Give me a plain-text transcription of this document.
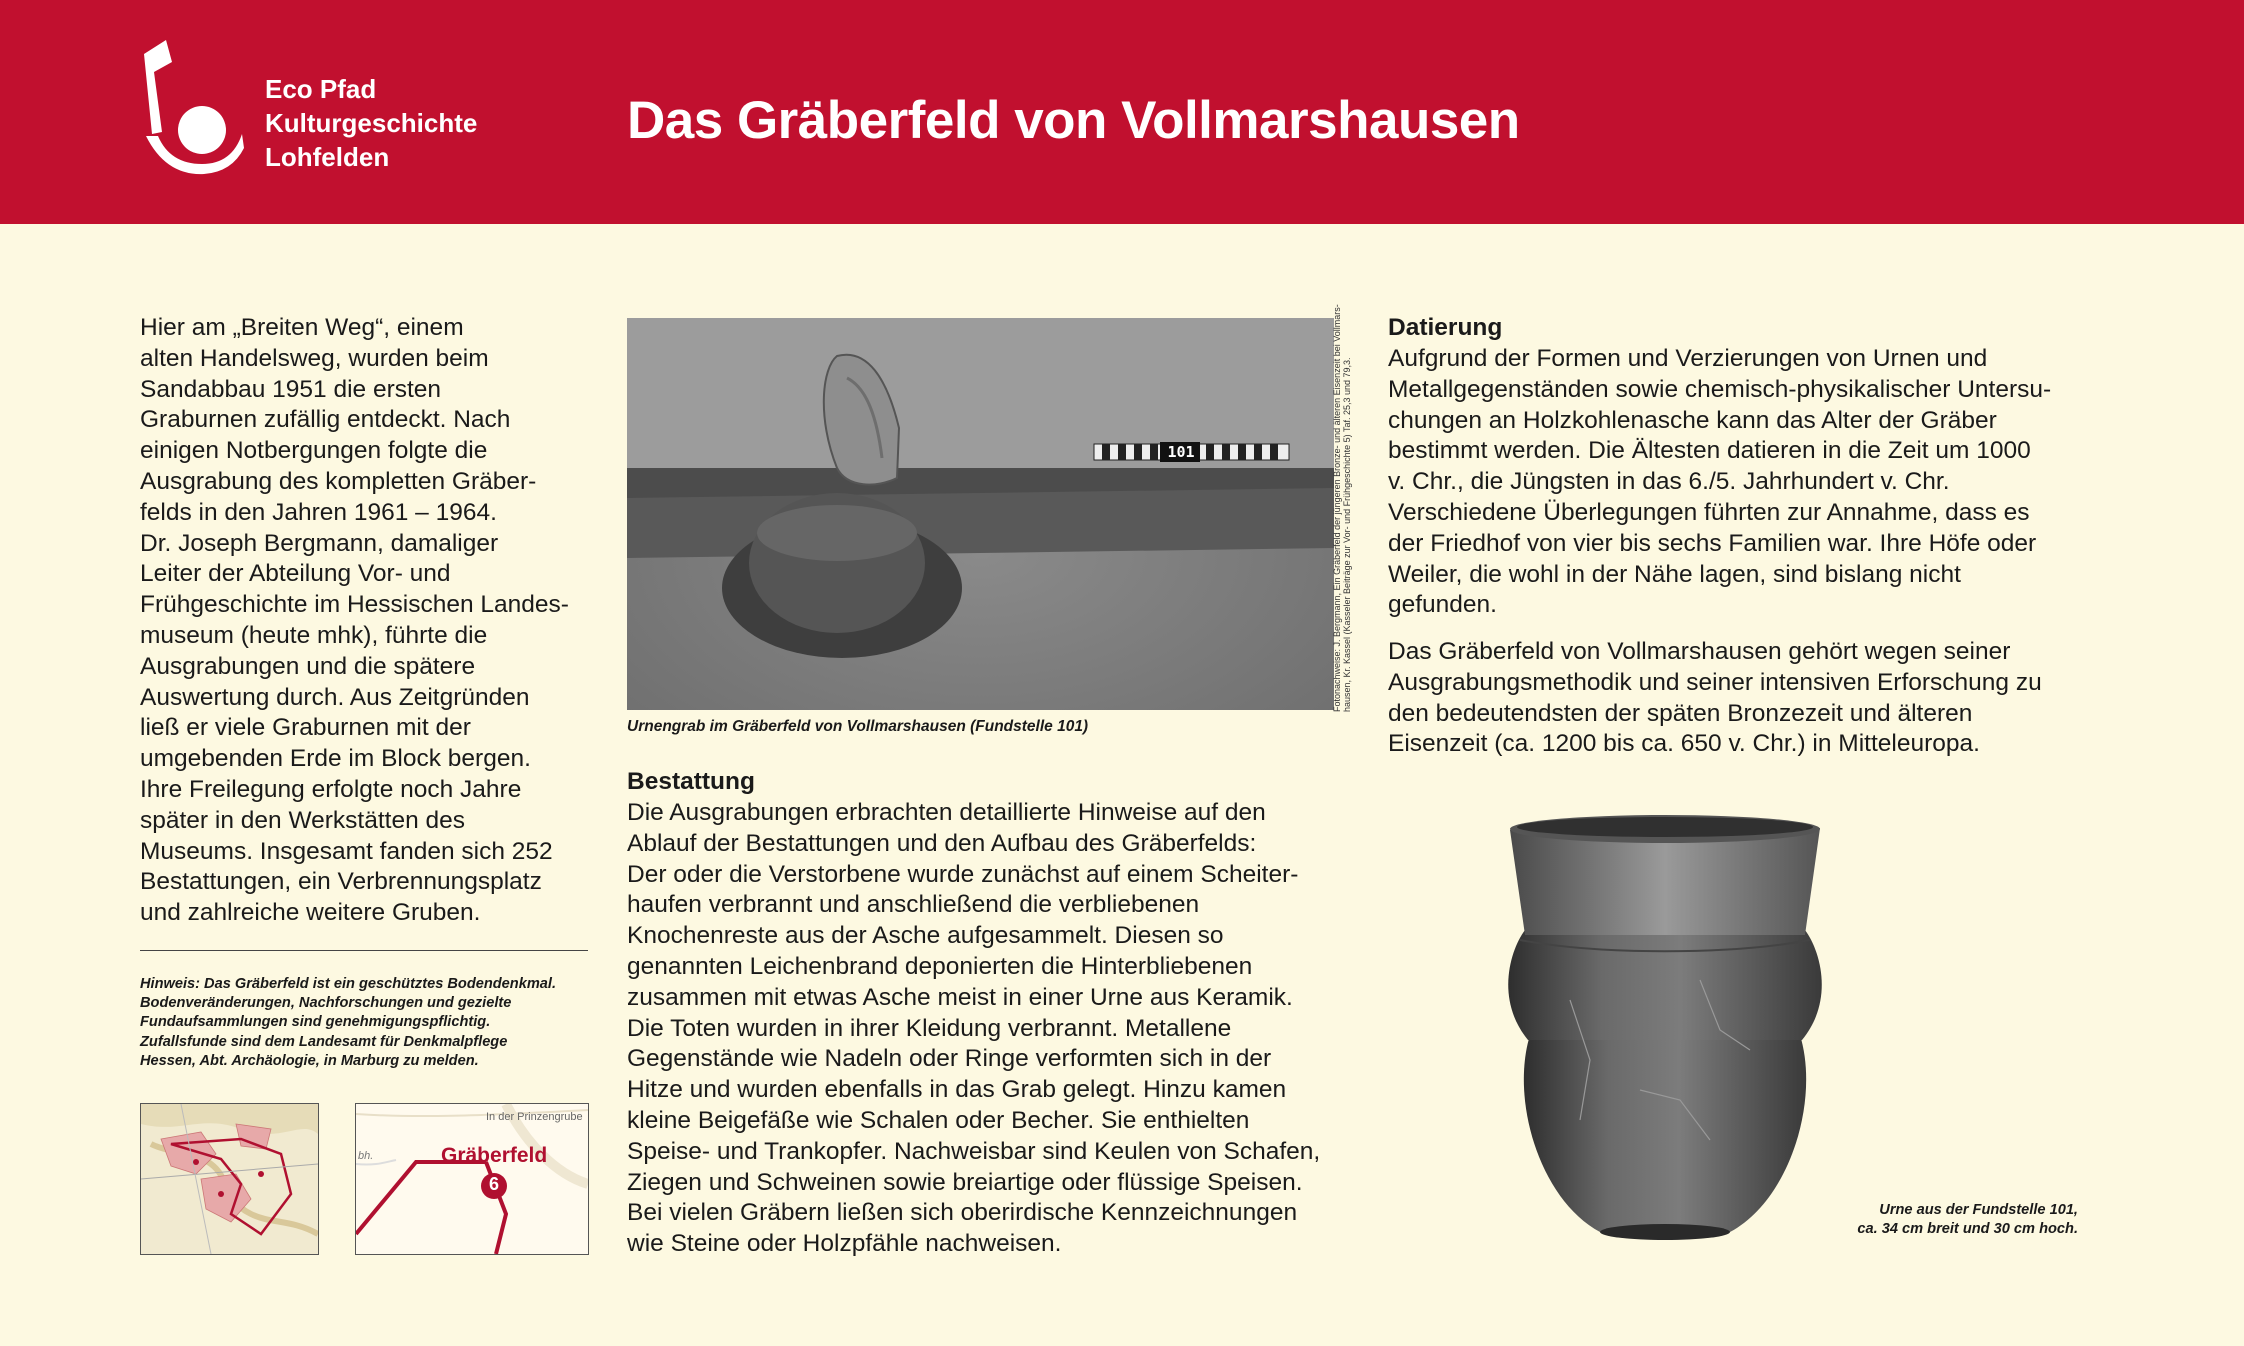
Eco Pfad
Kulturgeschichte
Lohfelden
Das Gräberfeld von Vollmarshausen
Hier am „Breiten Weg“, einem
alten Handelsweg, wurden beim
Sandabbau 1951 die ersten
Graburnen zufällig entdeckt. Nach
einigen Notbergungen folgte die
Ausgrabung des kompletten Gräber-
felds in den Jahren 1961 – 1964.
Dr. Joseph Bergmann, damaliger
Leiter der Abteilung Vor- und
Frühgeschichte im Hessischen Landes-
museum (heute mhk), führte die
Ausgrabungen und die spätere
Auswertung durch. Aus Zeitgründen
ließ er viele Graburnen mit der
umgebenden Erde im Block bergen.
Ihre Freilegung erfolgte noch Jahre
später in den Werkstätten des
Museums. Insgesamt fanden sich 252
Bestattungen, ein Verbrennungsplatz
und zahlreiche weitere Gruben.
Hinweis: Das Gräberfeld ist ein geschütztes Bodendenkmal.
Bodenveränderungen, Nachforschungen und gezielte
Fundaufsammlungen sind genehmigungspflichtig.
Zufallsfunde sind dem Landesamt für Denkmalpflege
Hessen, Abt. Archäologie, in Marburg zu melden.
In der Prinzengrube
bh.	Gräberfeld
6
101	Fotonachweise: J. Bergmann, Ein Gräberfeld der jüngeren Bronze- und älteren Eisenzeit bei Vollmars- hausen, Kr. Kassel (Kasseler Beiträge zur Vor- und Frühgeschichte 5) Taf. 25,3 und 79,3.
Urnengrab im Gräberfeld von Vollmarshausen (Fundstelle 101)
Bestattung
Die Ausgrabungen erbrachten detaillierte Hinweise auf den
Ablauf der Bestattungen und den Aufbau des Gräberfelds:
Der oder die Verstorbene wurde zunächst auf einem Scheiter-
haufen verbrannt und anschließend die verbliebenen
Knochenreste aus der Asche aufgesammelt. Diesen so
genannten Leichenbrand deponierten die Hinterbliebenen
zusammen mit etwas Asche meist in einer Urne aus Keramik.
Die Toten wurden in ihrer Kleidung verbrannt. Metallene
Gegenstände wie Nadeln oder Ringe verformten sich in der
Hitze und wurden ebenfalls in das Grab gelegt. Hinzu kamen
kleine Beigefäße wie Schalen oder Becher. Sie enthielten
Speise- und Trankopfer. Nachweisbar sind Keulen von Schafen,
Ziegen und Schweinen sowie breiartige oder flüssige Speisen.
Bei vielen Gräbern ließen sich oberirdische Kennzeichnungen
wie Steine oder Holzpfähle nachweisen.
Datierung
Aufgrund der Formen und Verzierungen von Urnen und
Metallgegenständen sowie chemisch-physikalischer Untersu-
chungen an Holzkohlenasche kann das Alter der Gräber
bestimmt werden. Die Ältesten datieren in die Zeit um 1000
v. Chr., die Jüngsten in das 6./5. Jahrhundert v. Chr.
Verschiedene Überlegungen führten zur Annahme, dass es
der Friedhof von vier bis sechs Familien war. Ihre Höfe oder
Weiler, die wohl in der Nähe lagen, sind bislang nicht
gefunden.
Das Gräberfeld von Vollmarshausen gehört wegen seiner
Ausgrabungsmethodik und seiner intensiven Erforschung zu
den bedeutendsten der späten Bronzezeit und älteren
Eisenzeit (ca. 1200 bis ca. 650 v. Chr.) in Mitteleuropa.
Urne aus der Fundstelle 101,
ca. 34 cm breit und 30 cm hoch.
